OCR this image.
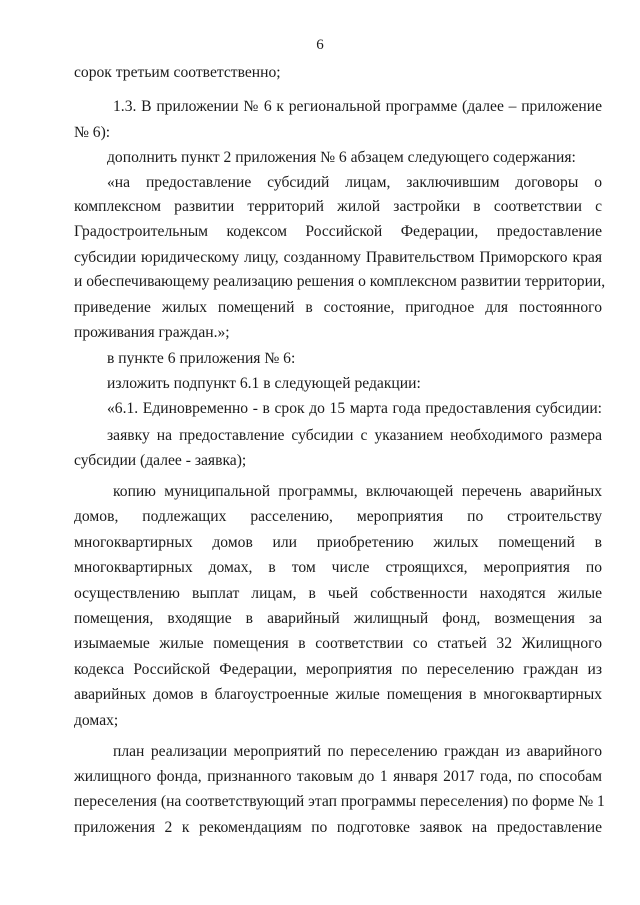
6
сорок третьим соответственно;
1.3. В приложении № 6 к региональной программе (далее – приложение
№ 6):
дополнить пункт 2 приложения № 6 абзацем следующего содержания:
«на предоставление субсидий лицам, заключившим договоры о
комплексном развитии территорий жилой застройки в соответствии с
Градостроительным кодексом Российской Федерации, предоставление
субсидии юридическому лицу, созданному Правительством Приморского края
и обеспечивающему реализацию решения о комплексном развитии территории,
приведение жилых помещений в состояние, пригодное для постоянного
проживания граждан.»;
в пункте 6 приложения № 6:
изложить подпункт 6.1 в следующей редакции:
«6.1. Единовременно - в срок до 15 марта года предоставления субсидии:
заявку на предоставление субсидии с указанием необходимого размера
субсидии (далее - заявка);
копию муниципальной программы, включающей перечень аварийных
домов, подлежащих расселению, мероприятия по строительству
многоквартирных домов или приобретению жилых помещений в
многоквартирных домах, в том числе строящихся, мероприятия по
осуществлению выплат лицам, в чьей собственности находятся жилые
помещения, входящие в аварийный жилищный фонд, возмещения за
изымаемые жилые помещения в соответствии со статьей 32 Жилищного
кодекса Российской Федерации, мероприятия по переселению граждан из
аварийных домов в благоустроенные жилые помещения в многоквартирных
домах;
план реализации мероприятий по переселению граждан из аварийного
жилищного фонда, признанного таковым до 1 января 2017 года, по способам
переселения (на соответствующий этап программы переселения) по форме № 1
приложения 2 к рекомендациям по подготовке заявок на предоставление
